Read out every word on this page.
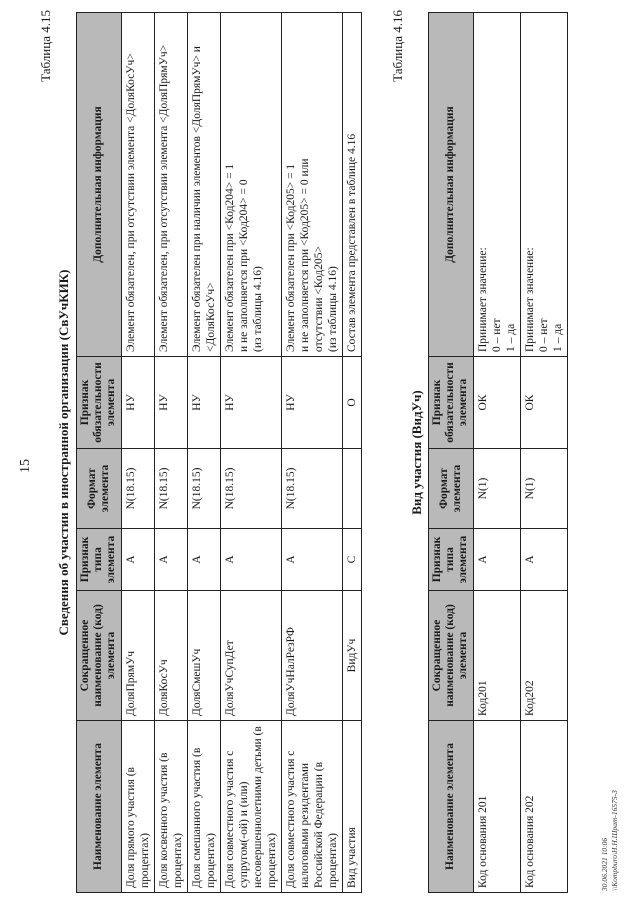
15
Таблица 4.15
Сведения об участии в иностранной организации (СвУчКИК)
Наименование элемента	Сокращенное наименование (код) элемента	Признак типа элемента	Формат элемента	Признак обязательности элемента	Дополнительная информация
Доля прямого участия (в процентах)	ДоляПрямУч	А	N(18.15)	НУ	Элемент обязателен, при отсутствии элемента <ДоляКосУч>

Доля косвенного участия (в процентах)	ДоляКосУч	А	N(18.15)	НУ	Элемент обязателен, при отсутствии элемента <ДоляПрямУч>

Доля смешанного участия (в процентах)	ДоляСмешУч	А	N(18.15)	НУ	Элемент обязателен при наличии элементов <ДоляПрямУч> и <ДоляКосУч>

Доля совместного участия с супругом(-ой) и (или) несовершеннолетними детьми (в процентах)	ДоляУчСупДет	А	N(18.15)	НУ	Элемент обязателен при <Код204> = 1 и не заполняется при <Код204> = 0 (из таблицы 4.16)

Доля совместного участия с налоговыми резидентами Российской Федерации (в процентах)	ДоляУчНалРезРФ	А	N(18.15)	НУ	Элемент обязателен при <Код205> = 1 и не заполняется при <Код205> = 0 или отсутствии <Код205> (из таблицы 4.16)

Вид участия	ВидУч	С		О	Состав элемента представлен в таблице 4.16
Таблица 4.16
Вид участия (ВидУч)
Наименование элемента	Сокращенное наименование (код) элемента	Признак типа элемента	Формат элемента	Признак обязательности элемента	Дополнительная информация
Код основания 201	Код201	А	N(1)	ОК	Принимает значение: 0 – нет 1 – да

Код основания 202	Код202	А	N(1)	ОК	Принимает значение: 0 – нет 1 – да
30.06.2021 10:06 \\Kompburo\Н.Н.Шрат-16575-3
